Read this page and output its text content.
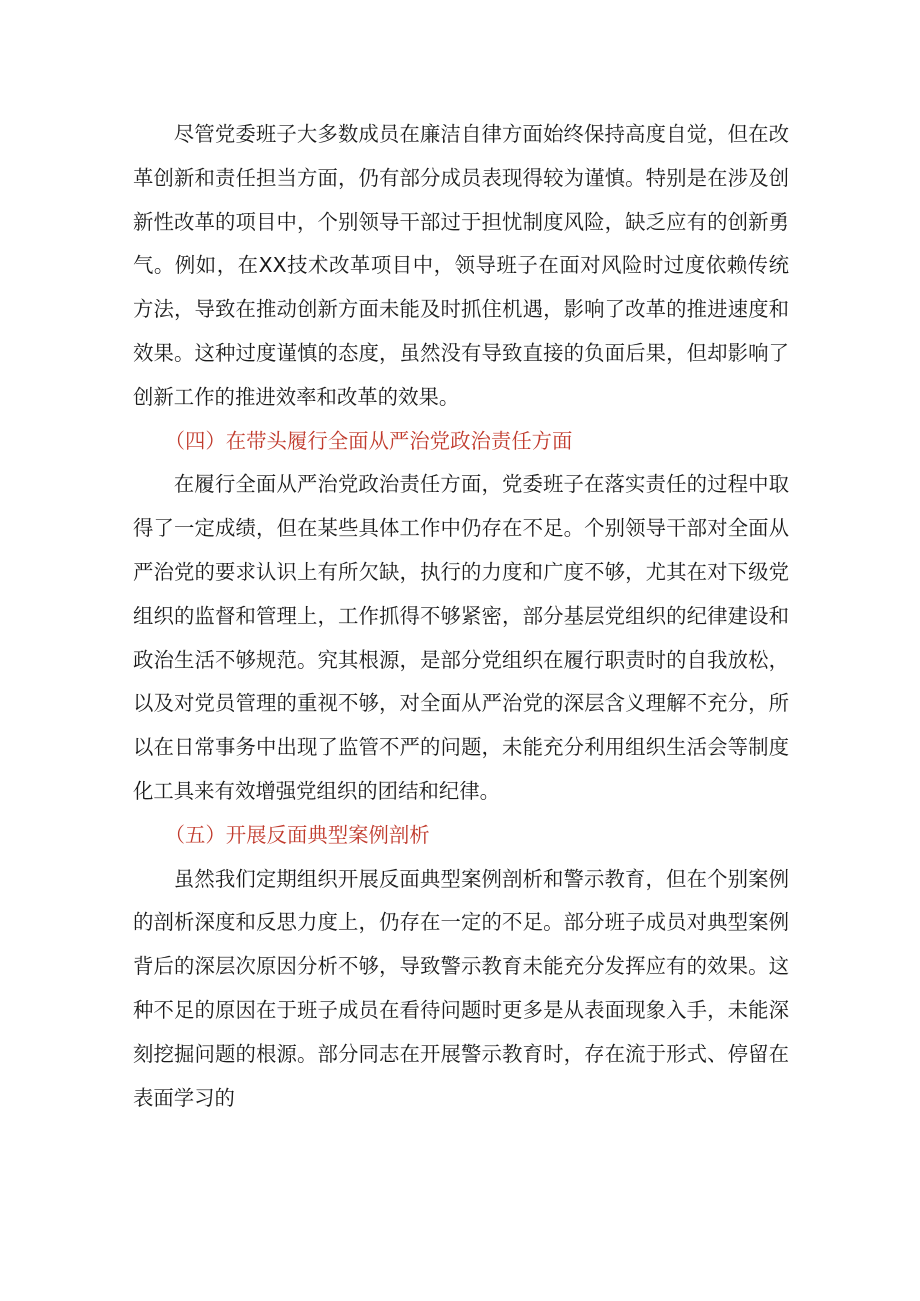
尽管党委班子大多数成员在廉洁自律方面始终保持高度自觉，但在改革创新和责任担当方面，仍有部分成员表现得较为谨慎。特别是在涉及创新性改革的项目中，个别领导干部过于担忧制度风险，缺乏应有的创新勇气。例如，在XX技术改革项目中，领导班子在面对风险时过度依赖传统方法，导致在推动创新方面未能及时抓住机遇，影响了改革的推进速度和效果。这种过度谨慎的态度，虽然没有导致直接的负面后果，但却影响了创新工作的推进效率和改革的效果。

（四）在带头履行全面从严治党政治责任方面

在履行全面从严治党政治责任方面，党委班子在落实责任的过程中取得了一定成绩，但在某些具体工作中仍存在不足。个别领导干部对全面从严治党的要求认识上有所欠缺，执行的力度和广度不够，尤其在对下级党组织的监督和管理上，工作抓得不够紧密，部分基层党组织的纪律建设和政治生活不够规范。究其根源，是部分党组织在履行职责时的自我放松，以及对党员管理的重视不够，对全面从严治党的深层含义理解不充分，所以在日常事务中出现了监管不严的问题，未能充分利用组织生活会等制度化工具来有效增强党组织的团结和纪律。

（五）开展反面典型案例剖析

虽然我们定期组织开展反面典型案例剖析和警示教育，但在个别案例的剖析深度和反思力度上，仍存在一定的不足。部分班子成员对典型案例背后的深层次原因分析不够，导致警示教育未能充分发挥应有的效果。这种不足的原因在于班子成员在看待问题时更多是从表面现象入手，未能深刻挖掘问题的根源。部分同志在开展警示教育时，存在流于形式、停留在表面学习的
